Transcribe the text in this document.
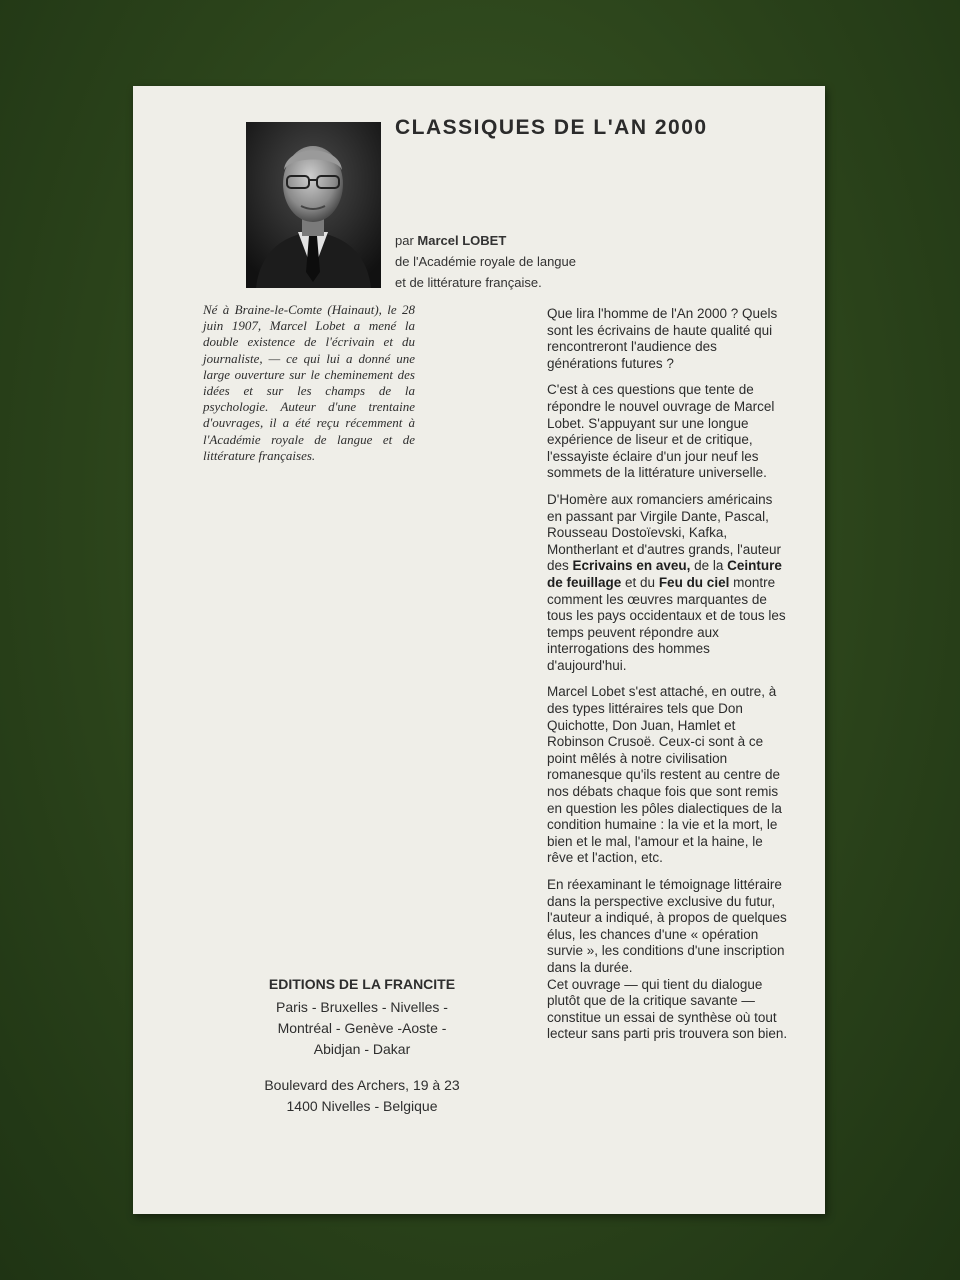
CLASSIQUES DE L'AN 2000
par Marcel LOBET
de l'Académie royale de langue
et de littérature française.

Né à Braine-le-Comte (Hainaut), le 28 juin 1907, Marcel Lobet a mené la double existence de l'écrivain et du journaliste, — ce qui lui a donné une large ouverture sur le cheminement des idées et sur les champs de la psychologie. Auteur d'une trentaine d'ouvrages, il a été reçu récemment à l'Académie royale de langue et de littérature françaises.

EDITIONS DE LA FRANCITE
Paris - Bruxelles - Nivelles -
Montréal - Genève -Aoste -
Abidjan - Dakar
Boulevard des Archers, 19 à 23
1400 Nivelles - Belgique

Que lira l'homme de l'An 2000 ? Quels sont les écrivains de haute qualité qui rencontreront l'audience des générations futures ?

C'est à ces questions que tente de répondre le nouvel ouvrage de Marcel Lobet. S'appuyant sur une longue expérience de liseur et de critique, l'essayiste éclaire d'un jour neuf les sommets de la littérature universelle.

D'Homère aux romanciers américains en passant par Virgile Dante, Pascal, Rousseau Dostoïevski, Kafka, Montherlant et d'autres grands, l'auteur des Ecrivains en aveu, de la Ceinture de feuillage et du Feu du ciel montre comment les œuvres marquantes de tous les pays occidentaux et de tous les temps peuvent répondre aux interrogations des hommes d'aujourd'hui.

Marcel Lobet s'est attaché, en outre, à des types littéraires tels que Don Quichotte, Don Juan, Hamlet et Robinson Crusoë. Ceux-ci sont à ce point mêlés à notre civilisation romanesque qu'ils restent au centre de nos débats chaque fois que sont remis en question les pôles dialectiques de la condition humaine : la vie et la mort, le bien et le mal, l'amour et la haine, le rêve et l'action, etc.

En réexaminant le témoignage littéraire dans la perspective exclusive du futur, l'auteur a indiqué, à propos de quelques élus, les chances d'une « opération survie », les conditions d'une inscription dans la durée.

Cet ouvrage — qui tient du dialogue plutôt que de la critique savante — constitue un essai de synthèse où tout lecteur sans parti pris trouvera son bien.
